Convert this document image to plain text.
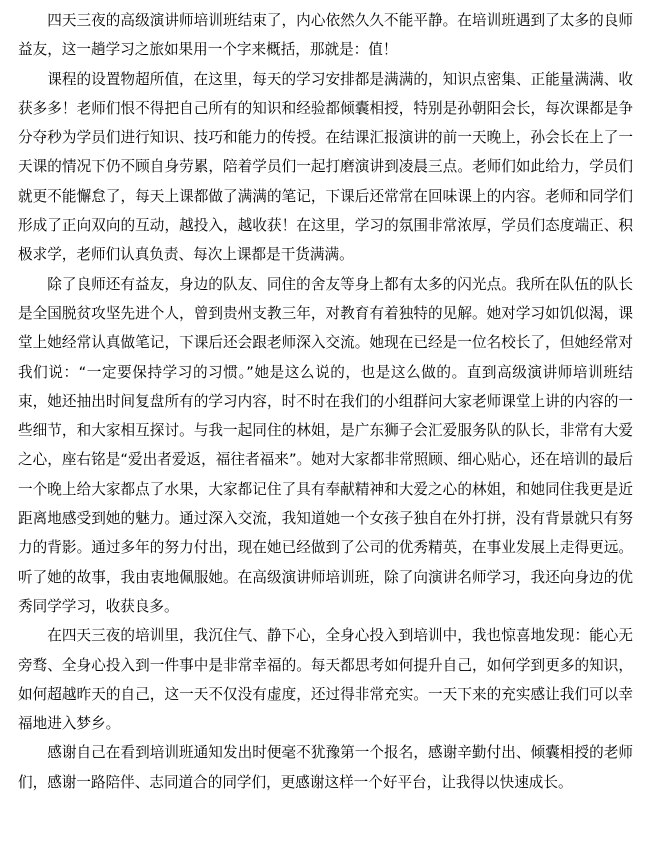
四天三夜的高级演讲师培训班结束了，内心依然久久不能平静。在培训班遇到了太多的良师益友，这一趟学习之旅如果用一个字来概括，那就是：值！

课程的设置物超所值，在这里，每天的学习安排都是满满的，知识点密集、正能量满满、收获多多！老师们恨不得把自己所有的知识和经验都倾囊相授，特别是孙朝阳会长，每次课都是争分夺秒为学员们进行知识、技巧和能力的传授。在结课汇报演讲的前一天晚上，孙会长在上了一天课的情况下仍不顾自身劳累，陪着学员们一起打磨演讲到凌晨三点。老师们如此给力，学员们就更不能懈怠了，每天上课都做了满满的笔记，下课后还常常在回味课上的内容。老师和同学们形成了正向双向的互动，越投入，越收获！在这里，学习的氛围非常浓厚，学员们态度端正、积极求学，老师们认真负责、每次上课都是干货满满。

除了良师还有益友，身边的队友、同住的舍友等身上都有太多的闪光点。我所在队伍的队长是全国脱贫攻坚先进个人，曾到贵州支教三年，对教育有着独特的见解。她对学习如饥似渴，课堂上她经常认真做笔记，下课后还会跟老师深入交流。她现在已经是一位名校长了，但她经常对我们说：“一定要保持学习的习惯。”她是这么说的，也是这么做的。直到高级演讲师培训班结束，她还抽出时间复盘所有的学习内容，时不时在我们的小组群问大家老师课堂上讲的内容的一些细节，和大家相互探讨。与我一起同住的林姐，是广东狮子会汇爱服务队的队长，非常有大爱之心，座右铭是“爱出者爱返，福往者福来”。她对大家都非常照顾、细心贴心，还在培训的最后一个晚上给大家都点了水果，大家都记住了具有奉献精神和大爱之心的林姐，和她同住我更是近距离地感受到她的魅力。通过深入交流，我知道她一个女孩子独自在外打拼，没有背景就只有努力的背影。通过多年的努力付出，现在她已经做到了公司的优秀精英，在事业发展上走得更远。听了她的故事，我由衷地佩服她。在高级演讲师培训班，除了向演讲名师学习，我还向身边的优秀同学学习，收获良多。

在四天三夜的培训里，我沉住气、静下心，全身心投入到培训中，我也惊喜地发现：能心无旁骛、全身心投入到一件事中是非常幸福的。每天都思考如何提升自己，如何学到更多的知识，如何超越昨天的自己，这一天不仅没有虚度，还过得非常充实。一天下来的充实感让我们可以幸福地进入梦乡。

感谢自己在看到培训班通知发出时便毫不犹豫第一个报名，感谢辛勤付出、倾囊相授的老师们，感谢一路陪伴、志同道合的同学们，更感谢这样一个好平台，让我得以快速成长。
